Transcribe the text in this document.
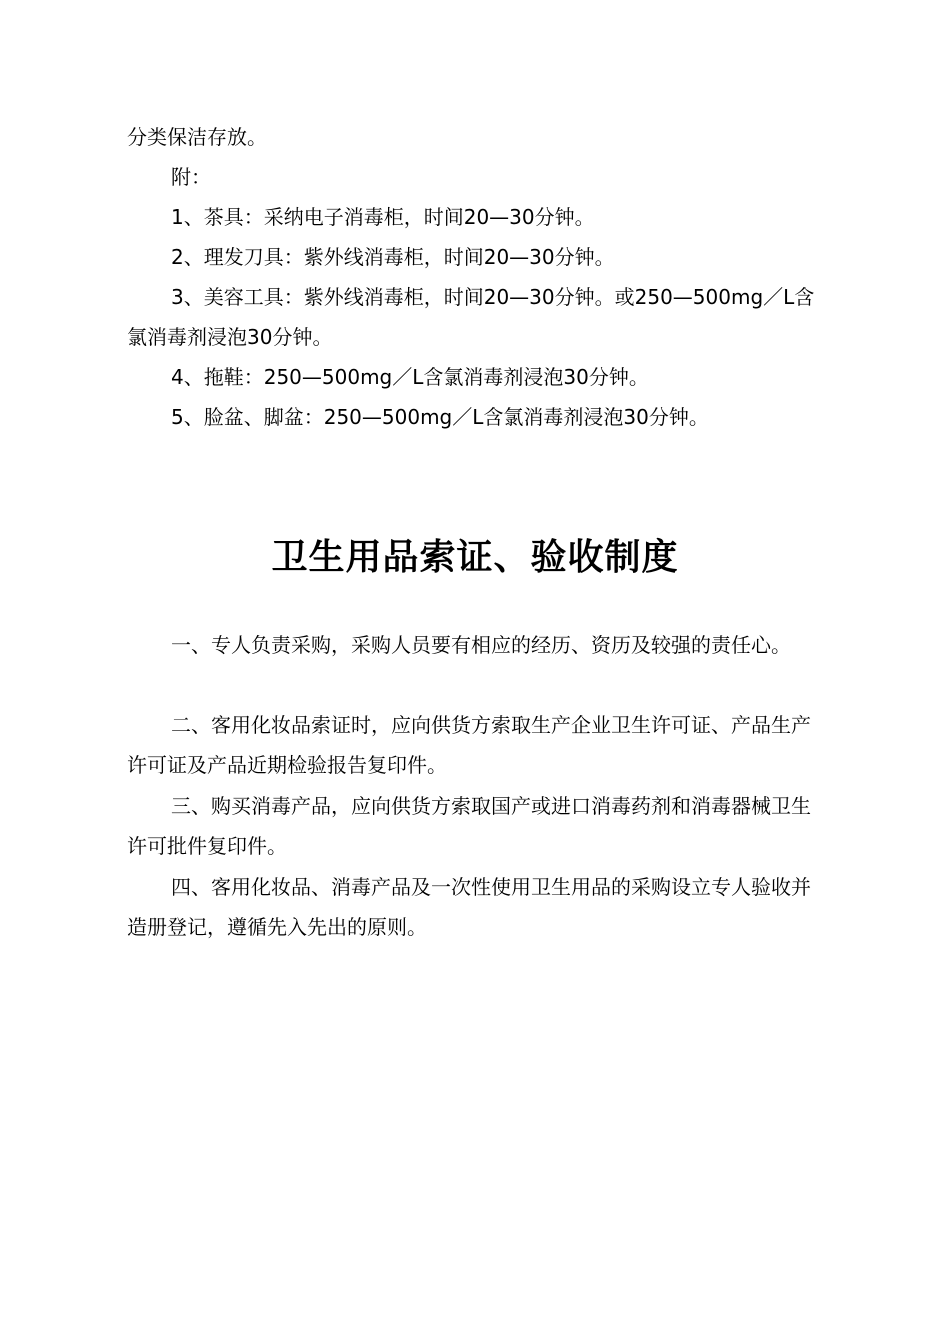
分类保洁存放。

附：

1、茶具：采纳电子消毒柜，时间20—30分钟。

2、理发刀具：紫外线消毒柜，时间20—30分钟。

3、美容工具：紫外线消毒柜，时间20—30分钟。或250—500mg／L含氯消毒剂浸泡30分钟。

4、拖鞋：250—500mg／L含氯消毒剂浸泡30分钟。

5、脸盆、脚盆：250—500mg／L含氯消毒剂浸泡30分钟。

卫生用品索证、验收制度

一、专人负责采购，采购人员要有相应的经历、资历及较强的责任心。

二、客用化妆品索证时，应向供货方索取生产企业卫生许可证、产品生产许可证及产品近期检验报告复印件。

三、购买消毒产品，应向供货方索取国产或进口消毒药剂和消毒器械卫生许可批件复印件。

四、客用化妆品、消毒产品及一次性使用卫生用品的采购设立专人验收并造册登记，遵循先入先出的原则。
